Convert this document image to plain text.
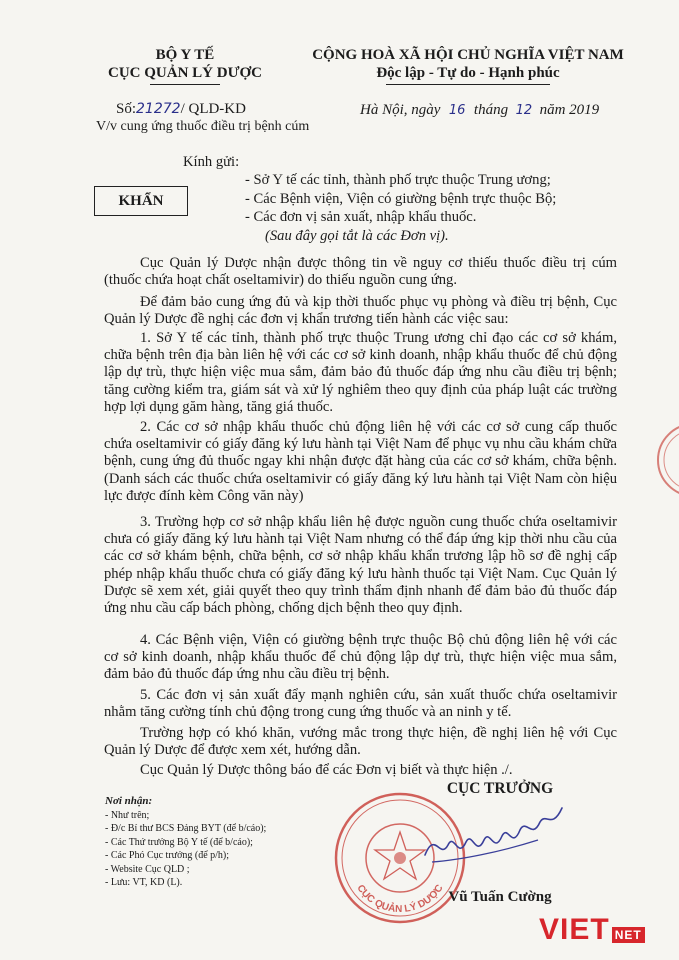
BỘ Y TẾ
CỤC QUẢN LÝ DƯỢC
CỘNG HOÀ XÃ HỘI CHỦ NGHĨA VIỆT NAM
Độc lập - Tự do - Hạnh phúc
Số:21272/ QLD-KD
V/v cung ứng thuốc điều trị bệnh cúm
Hà Nội, ngày 16 tháng 12 năm 2019
KHẨN
Kính gửi:
- Sở Y tế các tỉnh, thành phố trực thuộc Trung ương;
- Các Bệnh viện, Viện có giường bệnh trực thuộc Bộ;
- Các đơn vị sản xuất, nhập khẩu thuốc.
(Sau đây gọi tắt là các Đơn vị).
Cục Quản lý Dược nhận được thông tin về nguy cơ thiếu thuốc điều trị cúm (thuốc chứa hoạt chất oseltamivir) do thiếu nguồn cung ứng.
Để đảm bảo cung ứng đủ và kịp thời thuốc phục vụ phòng và điều trị bệnh, Cục Quản lý Dược đề nghị các đơn vị khẩn trương tiến hành các việc sau:
1. Sở Y tế các tỉnh, thành phố trực thuộc Trung ương chỉ đạo các cơ sở khám, chữa bệnh trên địa bàn liên hệ với các cơ sở kinh doanh, nhập khẩu thuốc để chủ động lập dự trù, thực hiện việc mua sắm, đảm bảo đủ thuốc đáp ứng nhu cầu điều trị bệnh; tăng cường kiểm tra, giám sát và xử lý nghiêm theo quy định của pháp luật các trường hợp lợi dụng găm hàng, tăng giá thuốc.
2. Các cơ sở nhập khẩu thuốc chủ động liên hệ với các cơ sở cung cấp thuốc chứa oseltamivir có giấy đăng ký lưu hành tại Việt Nam để phục vụ nhu cầu khám chữa bệnh, cung ứng đủ thuốc ngay khi nhận được đặt hàng của các cơ sở khám, chữa bệnh. (Danh sách các thuốc chứa oseltamivir có giấy đăng ký lưu hành tại Việt Nam còn hiệu lực được đính kèm Công văn này)
3. Trường hợp cơ sở nhập khẩu liên hệ được nguồn cung thuốc chứa oseltamivir chưa có giấy đăng ký lưu hành tại Việt Nam nhưng có thể đáp ứng kịp thời nhu cầu của các cơ sở khám bệnh, chữa bệnh, cơ sở nhập khẩu khẩn trương lập hồ sơ đề nghị cấp phép nhập khẩu thuốc chưa có giấy đăng ký lưu hành thuốc tại Việt Nam. Cục Quản lý Dược sẽ xem xét, giải quyết theo quy trình thẩm định nhanh để đảm bảo đủ thuốc đáp ứng nhu cầu cấp bách phòng, chống dịch bệnh theo quy định.
4. Các Bệnh viện, Viện có giường bệnh trực thuộc Bộ chủ động liên hệ với các cơ sở kinh doanh, nhập khẩu thuốc để chủ động lập dự trù, thực hiện việc mua sắm, đảm bảo đủ thuốc đáp ứng nhu cầu điều trị bệnh.
5. Các đơn vị sản xuất đẩy mạnh nghiên cứu, sản xuất thuốc chứa oseltamivir nhằm tăng cường tính chủ động trong cung ứng thuốc và an ninh y tế.
Trường hợp có khó khăn, vướng mắc trong thực hiện, đề nghị liên hệ với Cục Quản lý Dược để được xem xét, hướng dẫn.
Cục Quản lý Dược thông báo để các Đơn vị biết và thực hiện ./.
Nơi nhận:
- Như trên;
- Đ/c Bí thư BCS Đảng BYT (để b/cáo);
- Các Thứ trưởng Bộ Y tế (để b/cáo);
- Các Phó Cục trưởng (để p/h);
- Website Cục QLD ;
- Lưu: VT, KD (L).
CỤC TRƯỞNG
CỤC QUẢN LÝ DƯỢC Vũ Tuấn Cường
VIET NET
